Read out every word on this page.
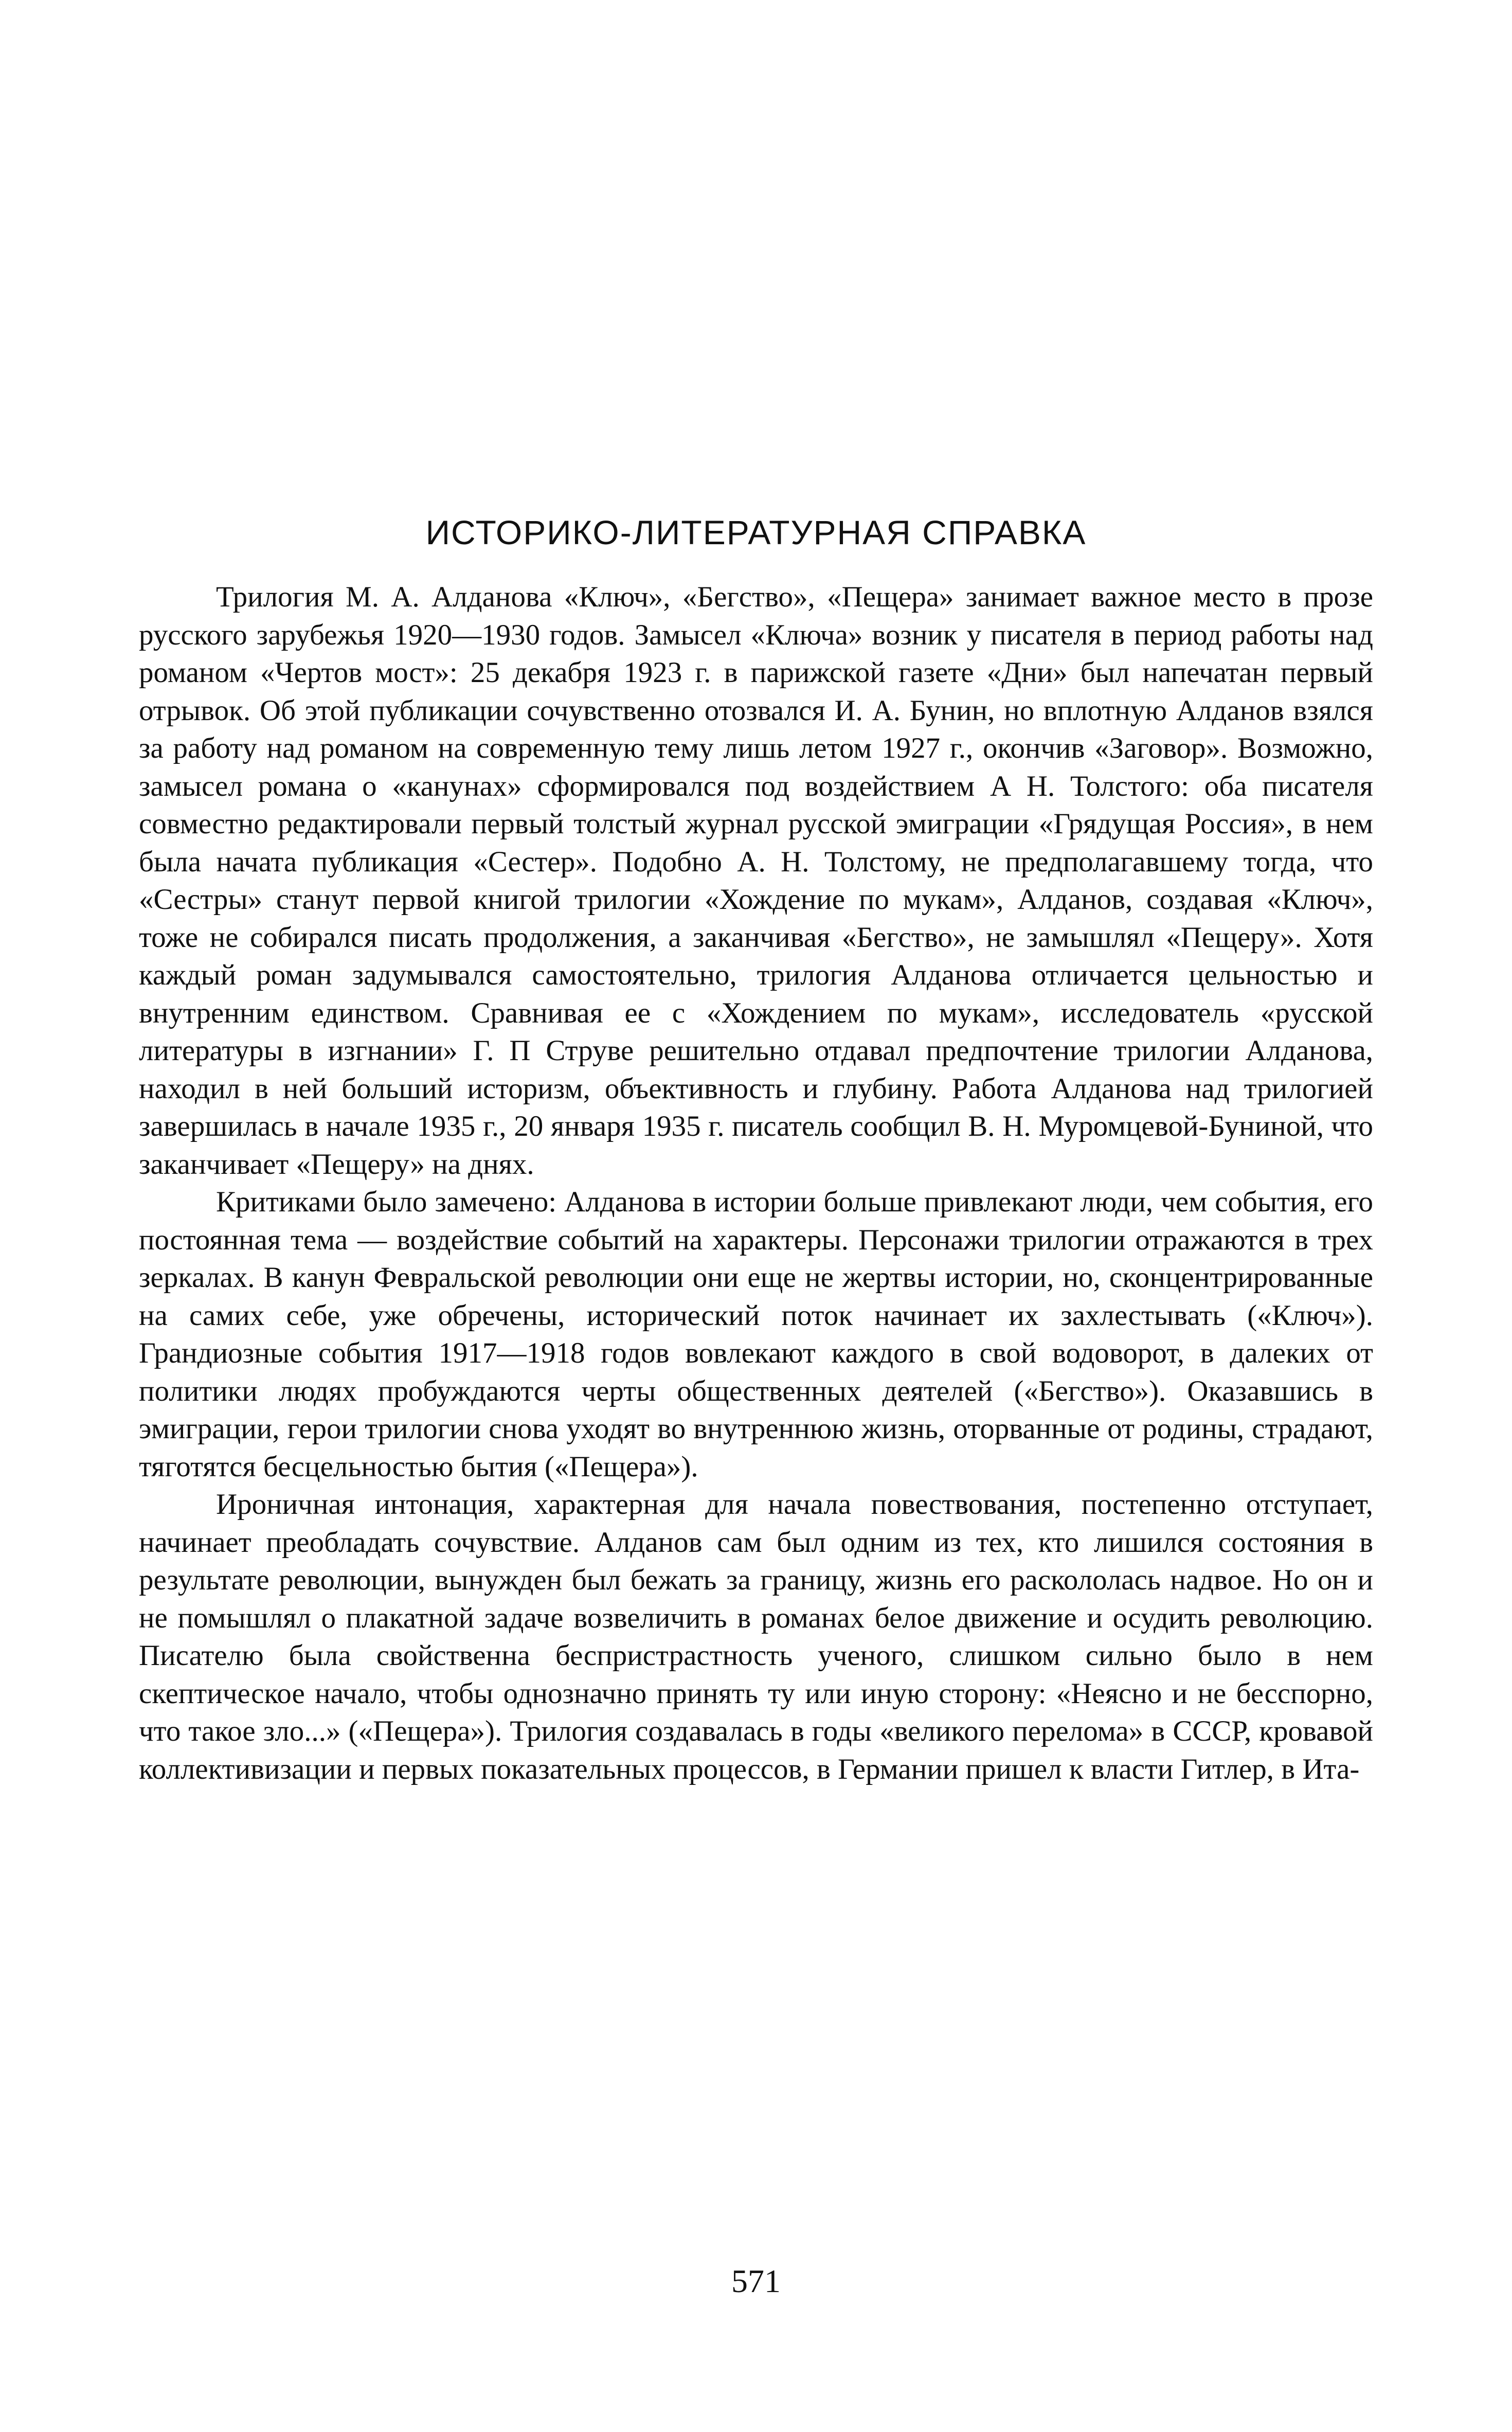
ИСТОРИКО-ЛИТЕРАТУРНАЯ СПРАВКА

Трилогия М. А. Алданова «Ключ», «Бегство», «Пещера» занимает важное место в прозе русского зарубежья 1920—1930 годов. Замысел «Ключа» возник у писателя в период работы над романом «Чертов мост»: 25 декабря 1923 г. в парижской газете «Дни» был напечатан первый отрывок. Об этой публикации сочувственно отозвался И. А. Бунин, но вплотную Алданов взялся за работу над романом на современную тему лишь летом 1927 г., окончив «Заговор». Возможно, замысел романа о «канунах» сформировался под воздействием А Н. Толстого: оба писателя совместно редактировали первый толстый журнал русской эмиграции «Грядущая Россия», в нем была начата публикация «Сестер». Подобно А. Н. Толстому, не предполагавшему тогда, что «Сестры» станут первой книгой трилогии «Хождение по мукам», Алданов, создавая «Ключ», тоже не собирался писать продолжения, а заканчивая «Бегство», не замышлял «Пещеру». Хотя каждый роман задумывался самостоятельно, трилогия Алданова отличается цельностью и внутренним единством. Сравнивая ее с «Хождением по мукам», исследователь «русской литературы в изгнании» Г. П Струве решительно отдавал предпочтение трилогии Алданова, находил в ней больший историзм, объективность и глубину. Работа Алданова над трилогией завершилась в начале 1935 г., 20 января 1935 г. писатель сообщил В. Н. Муромцевой-Буниной, что заканчивает «Пещеру» на днях.

Критиками было замечено: Алданова в истории больше привлекают люди, чем события, его постоянная тема — воздействие событий на характеры. Персонажи трилогии отражаются в трех зеркалах. В канун Февральской революции они еще не жертвы истории, но, сконцентрированные на самих себе, уже обречены, исторический поток начинает их захлестывать («Ключ»). Грандиозные события 1917—1918 годов вовлекают каждого в свой водоворот, в далеких от политики людях пробуждаются черты общественных деятелей («Бегство»). Оказавшись в эмиграции, герои трилогии снова уходят во внутреннюю жизнь, оторванные от родины, страдают, тяготятся бесцельностью бытия («Пещера»).

Ироничная интонация, характерная для начала повествования, постепенно отступает, начинает преобладать сочувствие. Алданов сам был одним из тех, кто лишился состояния в результате революции, вынужден был бежать за границу, жизнь его раскололась надвое. Но он и не помышлял о плакатной задаче возвеличить в романах белое движение и осудить революцию. Писателю была свойственна беспристрастность ученого, слишком сильно было в нем скептическое начало, чтобы однозначно принять ту или иную сторону: «Неясно и не бесспорно, что такое зло...» («Пещера»). Трилогия создавалась в годы «великого перелома» в СССР, кровавой коллективизации и первых показательных процессов, в Германии пришел к власти Гитлер, в Ита-

571
